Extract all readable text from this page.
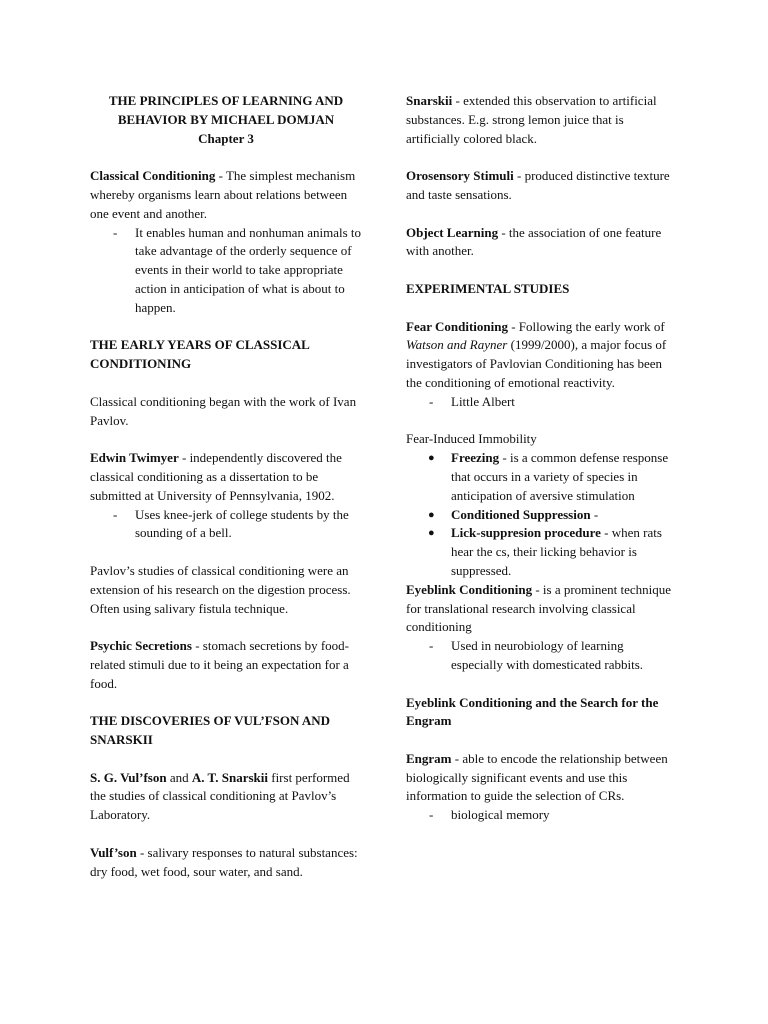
THE PRINCIPLES OF LEARNING AND
BEHAVIOR BY MICHAEL DOMJAN
Chapter 3

Classical Conditioning - The simplest mechanism whereby organisms learn about relations between one event and another.

- It enables human and nonhuman animals to take advantage of the orderly sequence of events in their world to take appropriate action in anticipation of what is about to happen.

THE EARLY YEARS OF CLASSICAL CONDITIONING

Classical conditioning began with the work of Ivan Pavlov.

Edwin Twimyer - independently discovered the classical conditioning as a dissertation to be submitted at University of Pennsylvania, 1902.

- Uses knee-jerk of college students by the sounding of a bell.

Pavlov’s studies of classical conditioning were an extension of his research on the digestion process. Often using salivary fistula technique.

Psychic Secretions - stomach secretions by food-related stimuli due to it being an expectation for a food.

THE DISCOVERIES OF VUL’FSON AND SNARSKII

S. G. Vul’fson and A. T. Snarskii first performed the studies of classical conditioning at Pavlov’s Laboratory.

Vulf’son - salivary responses to natural substances: dry food, wet food, sour water, and sand.

Snarskii - extended this observation to artificial substances. E.g. strong lemon juice that is artificially colored black.

Orosensory Stimuli - produced distinctive texture and taste sensations.

Object Learning - the association of one feature with another.

EXPERIMENTAL STUDIES

Fear Conditioning - Following the early work of Watson and Rayner (1999/2000), a major focus of investigators of Pavlovian Conditioning has been the conditioning of emotional reactivity.

- Little Albert

Fear-Induced Immobility

● Freezing - is a common defense response that occurs in a variety of species in anticipation of aversive stimulation
● Conditioned Suppression -
● Lick-suppresion procedure - when rats hear the cs, their licking behavior is suppressed.

Eyeblink Conditioning - is a prominent technique for translational research involving classical conditioning

- Used in neurobiology of learning especially with domesticated rabbits.

Eyeblink Conditioning and the Search for the Engram

Engram - able to encode the relationship between biologically significant events and use this information to guide the selection of CRs.

- biological memory
